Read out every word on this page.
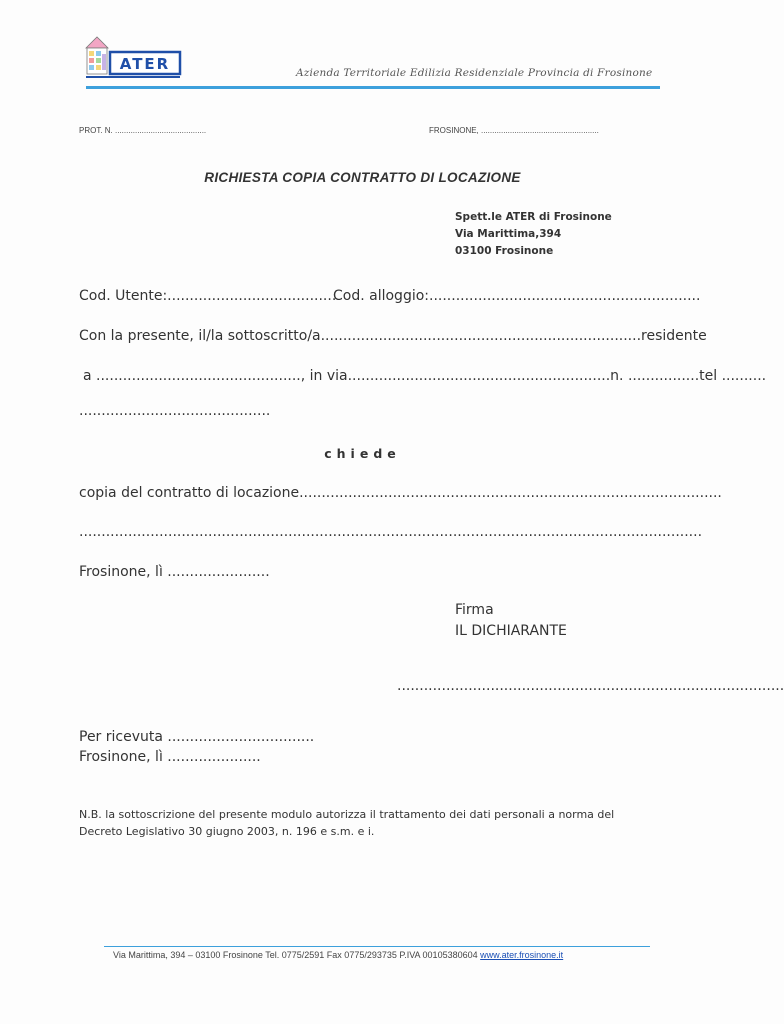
ATER	Azienda Territoriale Edilizia Residenziale Provincia di Frosinone
PROT. N. .........................................	FROSINONE, .....................................................
RICHIESTA COPIA CONTRATTO DI LOCAZIONE
Spett.le ATER di Frosinone
Via Marittima,394
03100 Frosinone
Cod. Utente:......................................
Cod. alloggio:.............................................................
Con la presente, il/la sottoscritto/a........................................................................residente
a .............................................., in via...........................................................n. ................tel ..........
...........................................
chiede
copia del contratto di locazione...............................................................................................
............................................................................................................................................
Frosinone, lì .......................
Firma
IL DICHIARANTE
.......................................................................................
Per ricevuta .................................
Frosinone, lì .....................
N.B. la sottoscrizione del presente modulo autorizza il trattamento dei dati personali a norma del
Decreto Legislativo 30 giugno 2003, n. 196 e s.m. e i.
Via Marittima, 394 – 03100 Frosinone Tel. 0775/2591 Fax 0775/293735 P.IVA 00105380604 www.ater.frosinone.it
